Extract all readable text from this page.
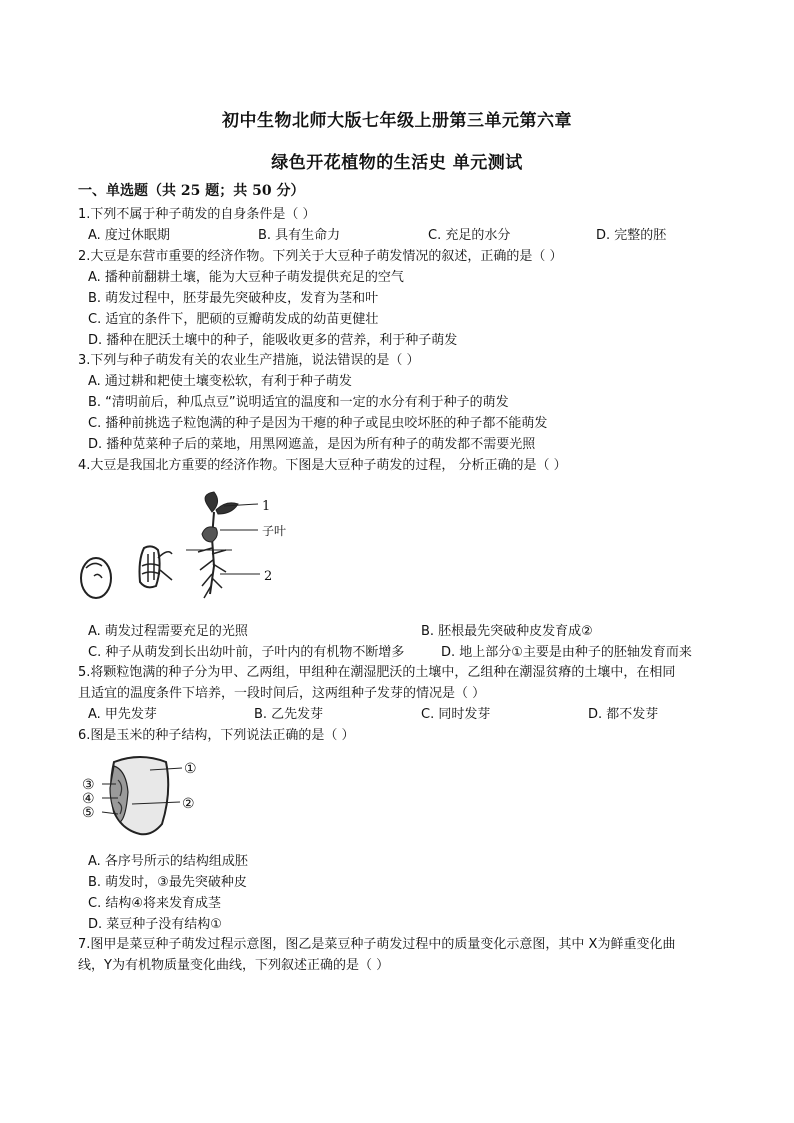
初中生物北师大版七年级上册第三单元第六章
绿色开花植物的生活史 单元测试
一、单选题（共 25 题；共 50 分）
1.下列不属于种子萌发的自身条件是（ ）
A. 度过休眠期	B. 具有生命力	C. 充足的水分	D. 完整的胚
2.大豆是东营市重要的经济作物。下列关于大豆种子萌发情况的叙述，正确的是（ ）
A. 播种前翻耕土壤，能为大豆种子萌发提供充足的空气
B. 萌发过程中，胚芽最先突破种皮，发育为茎和叶
C. 适宜的条件下，肥硕的豆瓣萌发成的幼苗更健壮
D. 播种在肥沃土壤中的种子，能吸收更多的营养，利于种子萌发
3.下列与种子萌发有关的农业生产措施，说法错误的是（ ）
A. 通过耕和耙使土壤变松软，有利于种子萌发
B. “清明前后，种瓜点豆”说明适宜的温度和一定的水分有利于种子的萌发
C. 播种前挑选子粒饱满的种子是因为干瘪的种子或昆虫咬坏胚的种子都不能萌发
D. 播种苋菜种子后的菜地，用黑网遮盖，是因为所有种子的萌发都不需要光照
4.大豆是我国北方重要的经济作物。下图是大豆种子萌发的过程， 分析正确的是（ ）
1
子叶
2
A. 萌发过程需要充足的光照	B. 胚根最先突破种皮发育成②
C. 种子从萌发到长出幼叶前，子叶内的有机物不断增多	D. 地上部分①主要是由种子的胚轴发育而来
5.将颗粒饱满的种子分为甲、乙两组，甲组种在潮湿肥沃的土壤中，乙组种在潮湿贫瘠的土壤中，在相同
且适宜的温度条件下培养，一段时间后，这两组种子发芽的情况是（ ）
A. 甲先发芽	B. 乙先发芽	C. 同时发芽	D. 都不发芽
6.图是玉米的种子结构，下列说法正确的是（ ）
①
②
③
④
⑤
A. 各序号所示的结构组成胚
B. 萌发时，③最先突破种皮
C. 结构④将来发育成茎
D. 菜豆种子没有结构①
7.图甲是菜豆种子萌发过程示意图，图乙是菜豆种子萌发过程中的质量变化示意图，其中 X为鲜重变化曲
线，Y为有机物质量变化曲线，下列叙述正确的是（ ）
